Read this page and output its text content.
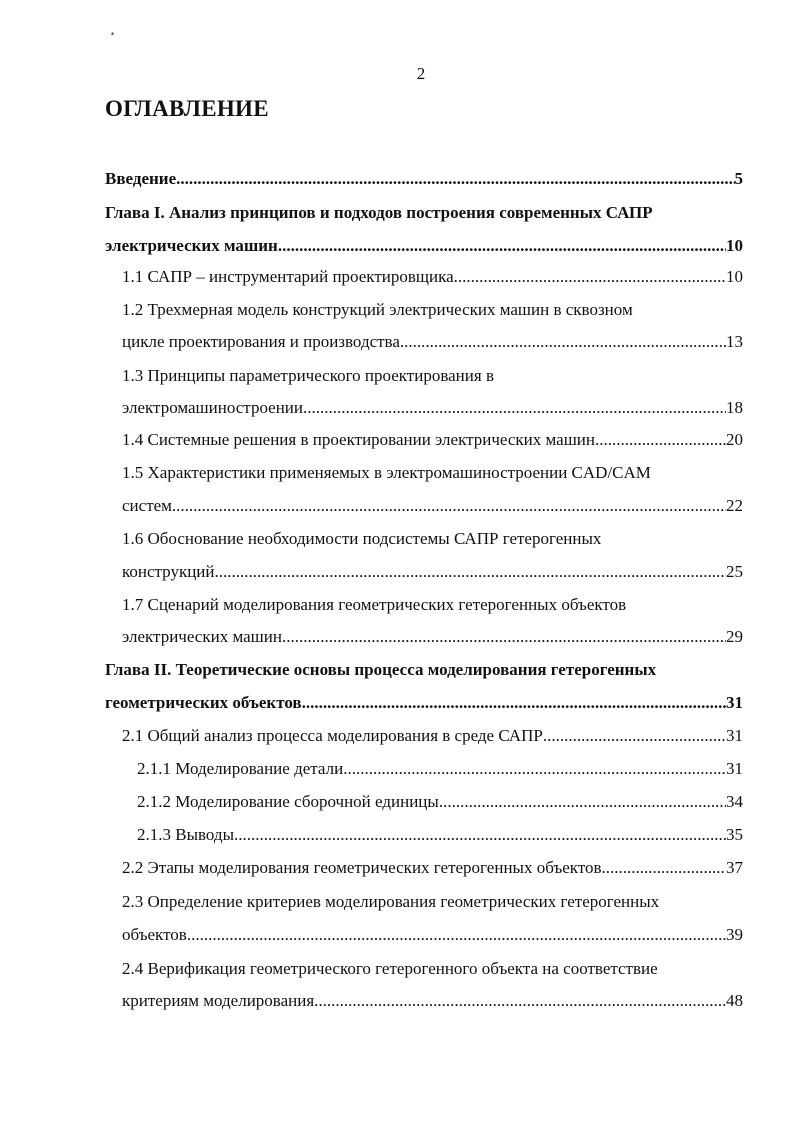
¸
2
ОГЛАВЛЕНИЕ
Введение .....	5
Глава I. Анализ принципов и подходов построения современных САПР
электрических машин .....	10
1.1 САПР – инструментарий проектировщика. .....	10
1.2 Трехмерная модель конструкций электрических машин в сквозном
цикле проектирования и производства .....	13
1.3 Принципы параметрического проектирования в
электромашиностроении .....	18
1.4 Системные решения в проектировании электрических машин .....	20
1.5 Характеристики применяемых в электромашиностроении CAD/CAM
систем .....	22
1.6 Обоснование необходимости подсистемы САПР гетерогенных
конструкций .....	25
1.7 Сценарий моделирования геометрических гетерогенных объектов
электрических машин .....	29
Глава II. Теоретические основы процесса моделирования гетерогенных
геометрических объектов .....	31
2.1 Общий анализ процесса моделирования в среде САПР .....	31
2.1.1 Моделирование детали .....	31
2.1.2 Моделирование сборочной единицы .....	34
2.1.3 Выводы .....	35
2.2 Этапы моделирования геометрических гетерогенных объектов .....	37
2.3 Определение критериев моделирования геометрических гетерогенных
объектов .....	39
2.4 Верификация геометрического гетерогенного объекта на соответствие
критериям моделирования .....	48
